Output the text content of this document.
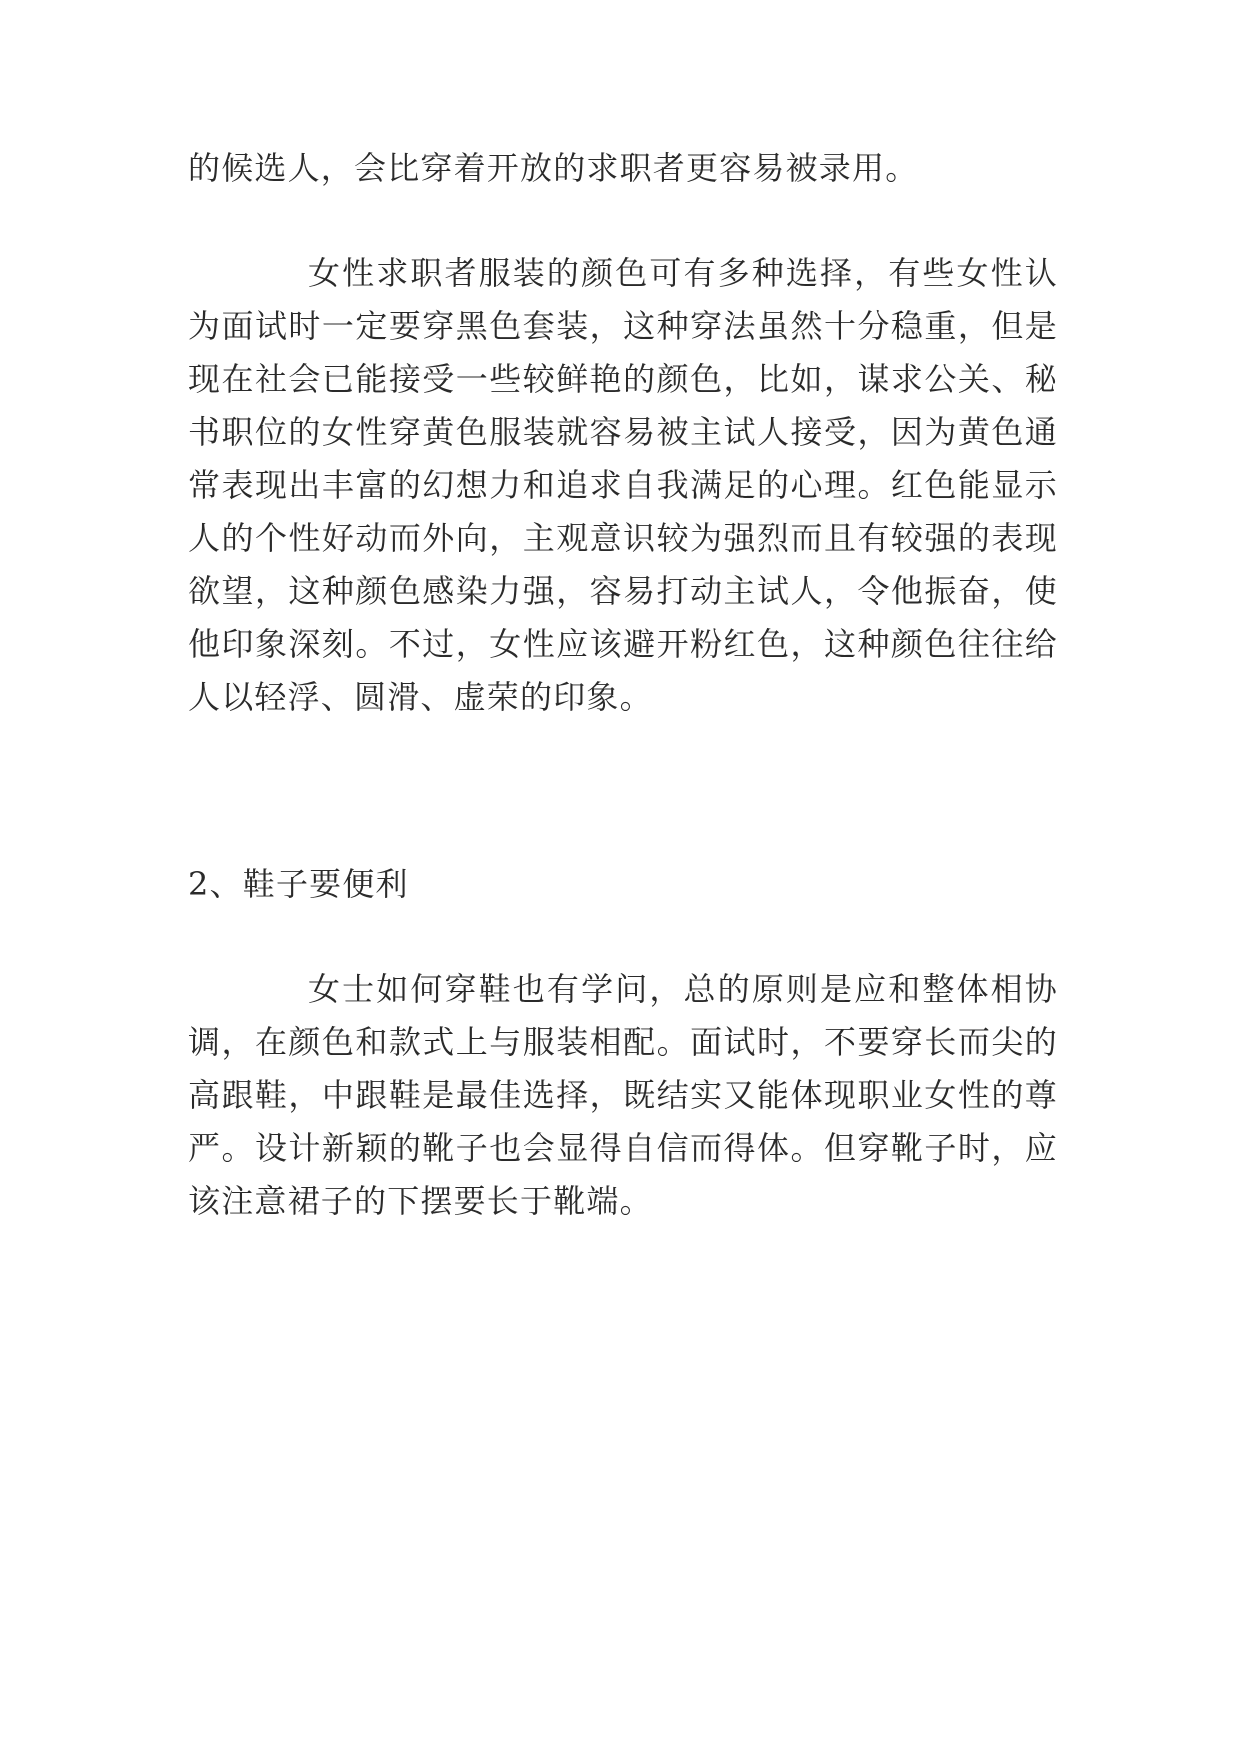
的候选人，会比穿着开放的求职者更容易被录用。

女性求职者服装的颜色可有多种选择，有些女性认

为面试时一定要穿黑色套装，这种穿法虽然十分稳重，但是

现在社会已能接受一些较鲜艳的颜色，比如，谋求公关、秘

书职位的女性穿黄色服装就容易被主试人接受，因为黄色通

常表现出丰富的幻想力和追求自我满足的心理。红色能显示

人的个性好动而外向，主观意识较为强烈而且有较强的表现

欲望，这种颜色感染力强，容易打动主试人，令他振奋，使

他印象深刻。不过，女性应该避开粉红色，这种颜色往往给

人以轻浮、圆滑、虚荣的印象。

2、鞋子要便利

女士如何穿鞋也有学问，总的原则是应和整体相协

调，在颜色和款式上与服装相配。面试时，不要穿长而尖的

高跟鞋，中跟鞋是最佳选择，既结实又能体现职业女性的尊

严。设计新颖的靴子也会显得自信而得体。但穿靴子时，应

该注意裙子的下摆要长于靴端。
